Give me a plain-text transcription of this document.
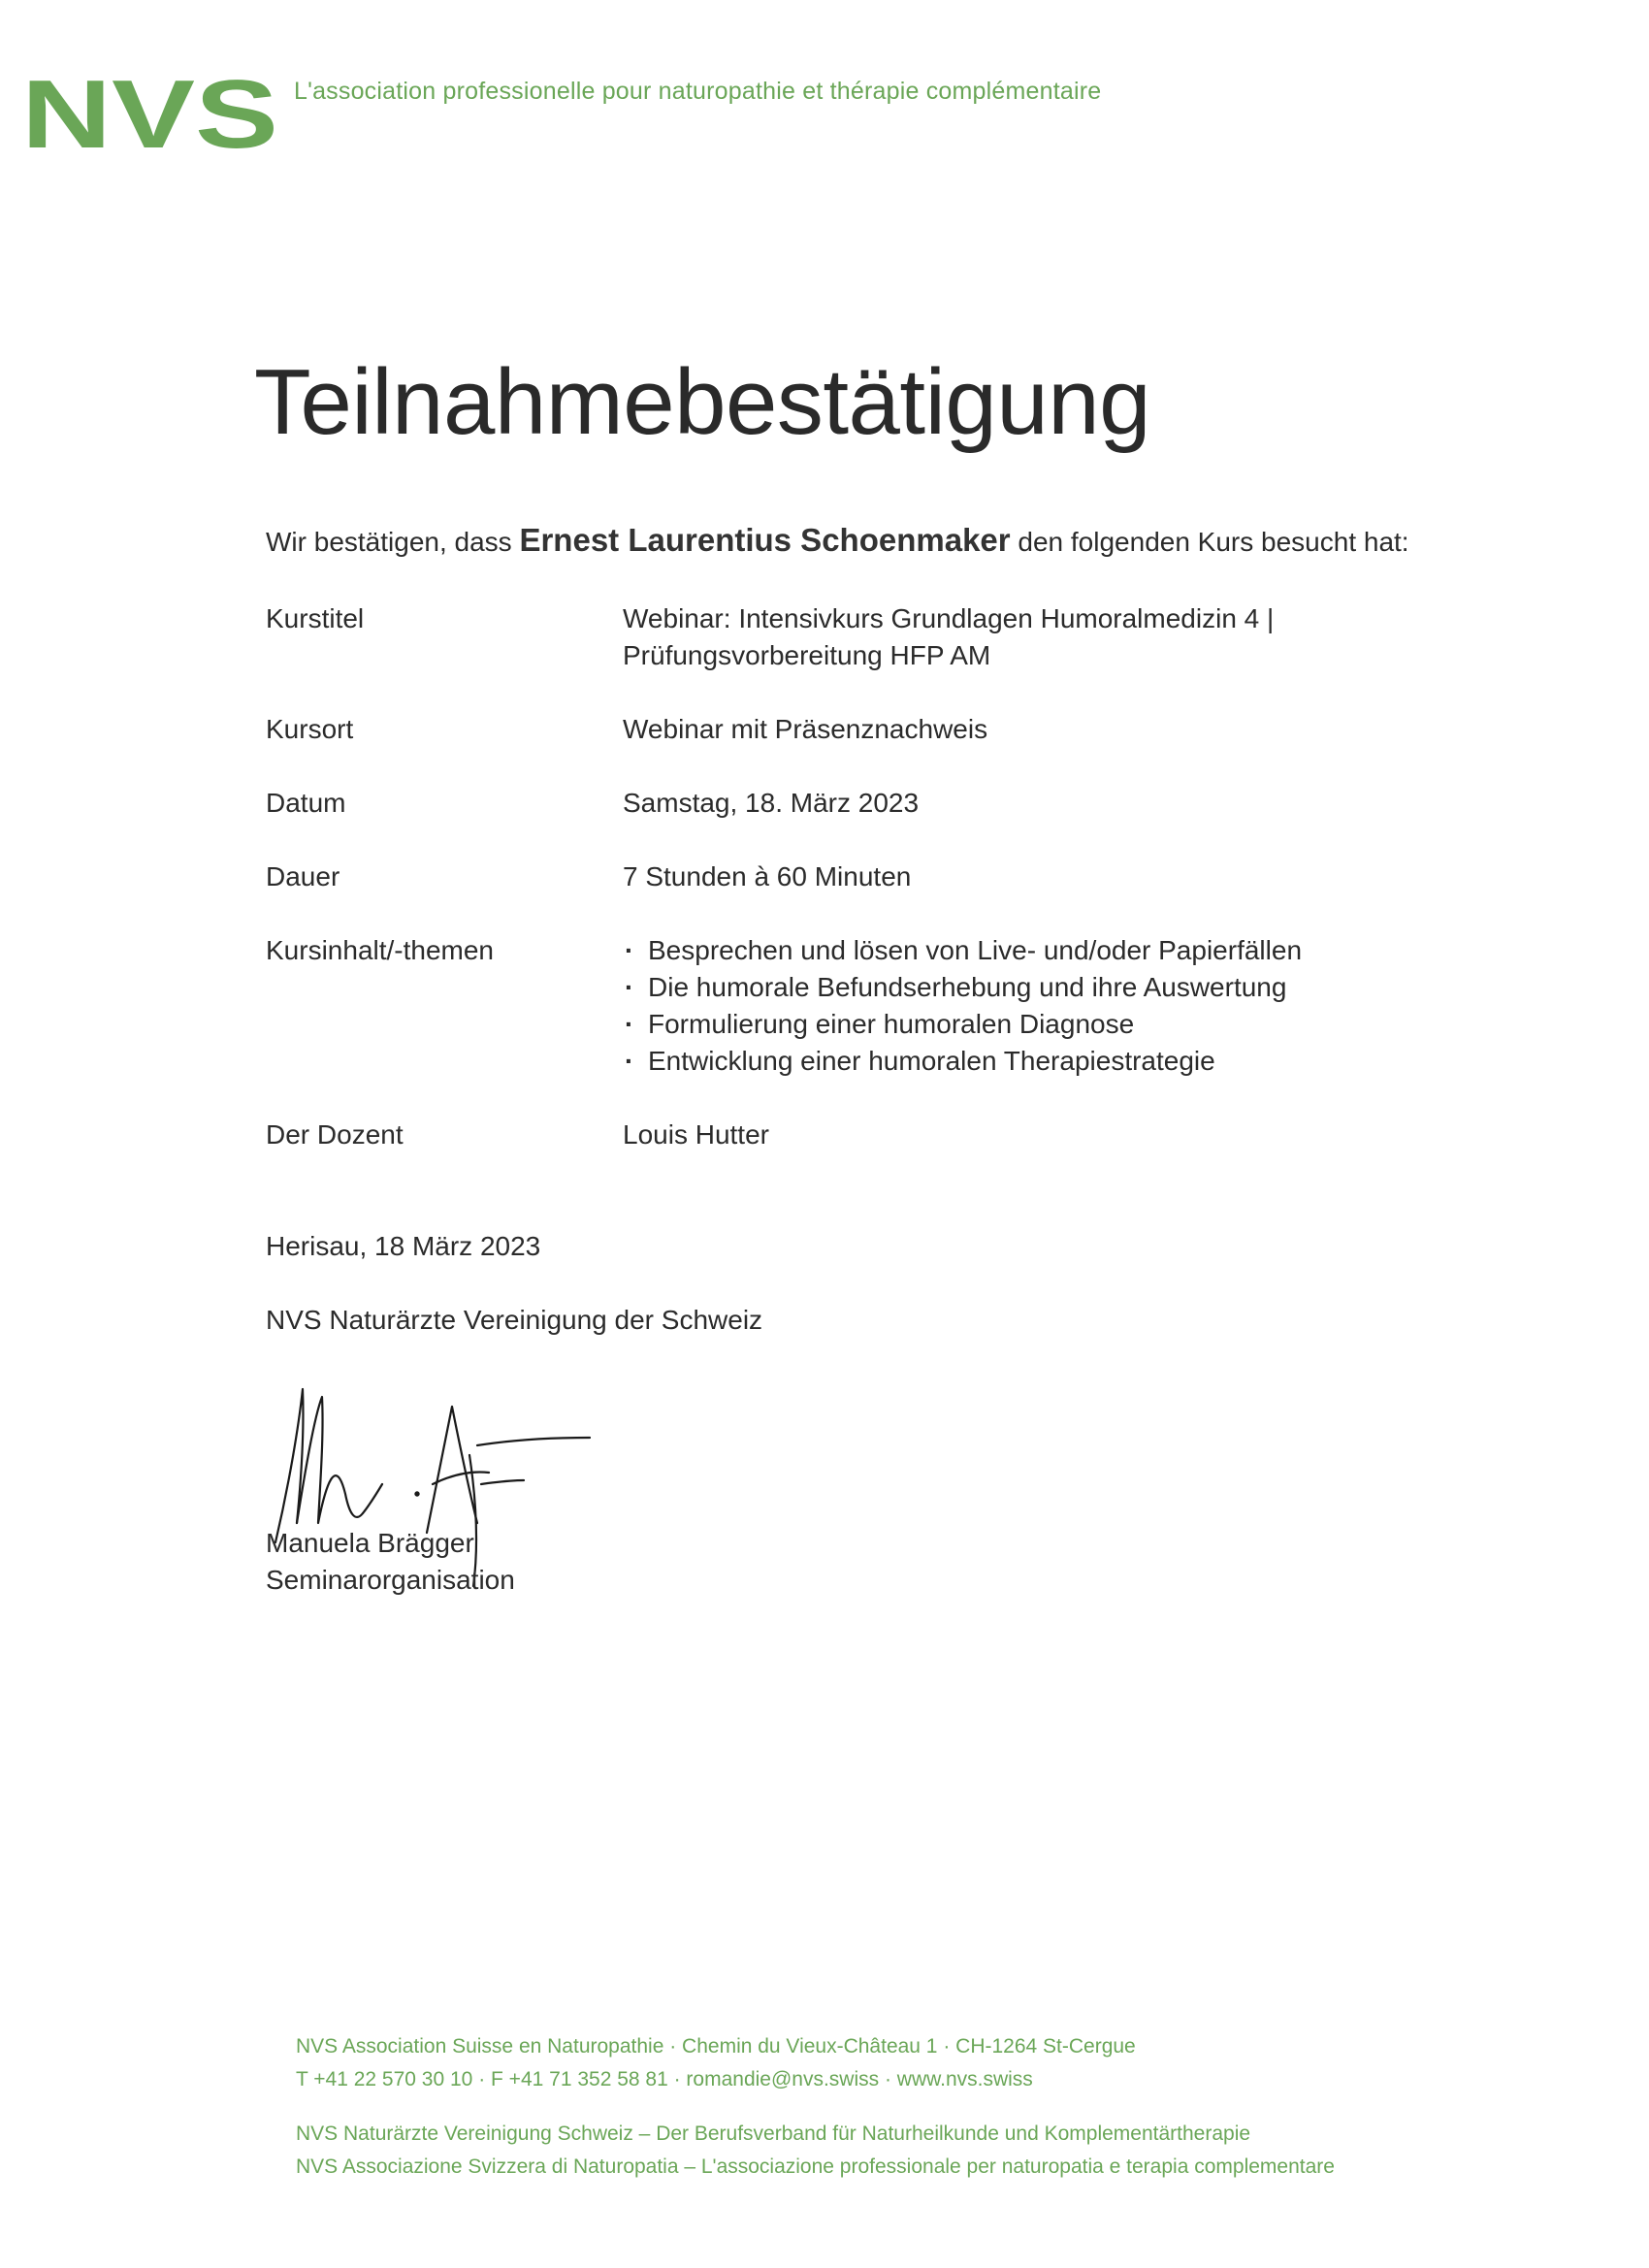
NVS L'association professionelle pour naturopathie et thérapie complémentaire
Teilnahmebestätigung
Wir bestätigen, dass Ernest Laurentius Schoenmaker den folgenden Kurs besucht hat:
Kurstitel	Webinar: Intensivkurs Grundlagen Humoralmedizin 4 |
Prüfungsvorbereitung HFP AM
Kursort	Webinar mit Präsenznachweis
Datum	Samstag, 18. März 2023
Dauer	7 Stunden à 60 Minuten
Kursinhalt/-themen
·	Besprechen und lösen von Live- und/oder Papierfällen
· Die humorale Befundserhebung und ihre Auswertung
· Formulierung einer humoralen Diagnose
· Entwicklung einer humoralen Therapiestrategie
Der Dozent	Louis Hutter
Herisau, 18 März 2023
NVS Naturärzte Vereinigung der Schweiz
Manuela Brägger
Seminarorganisation
NVS Association Suisse en Naturopathie · Chemin du Vieux-Château 1 · CH-1264 St-Cergue
T +41 22 570 30 10 · F +41 71 352 58 81 · romandie@nvs.swiss · www.nvs.swiss
NVS Naturärzte Vereinigung Schweiz – Der Berufsverband für Naturheilkunde und Komplementärtherapie
NVS Associazione Svizzera di Naturopatia – L'associazione professionale per naturopatia e terapia complementare
